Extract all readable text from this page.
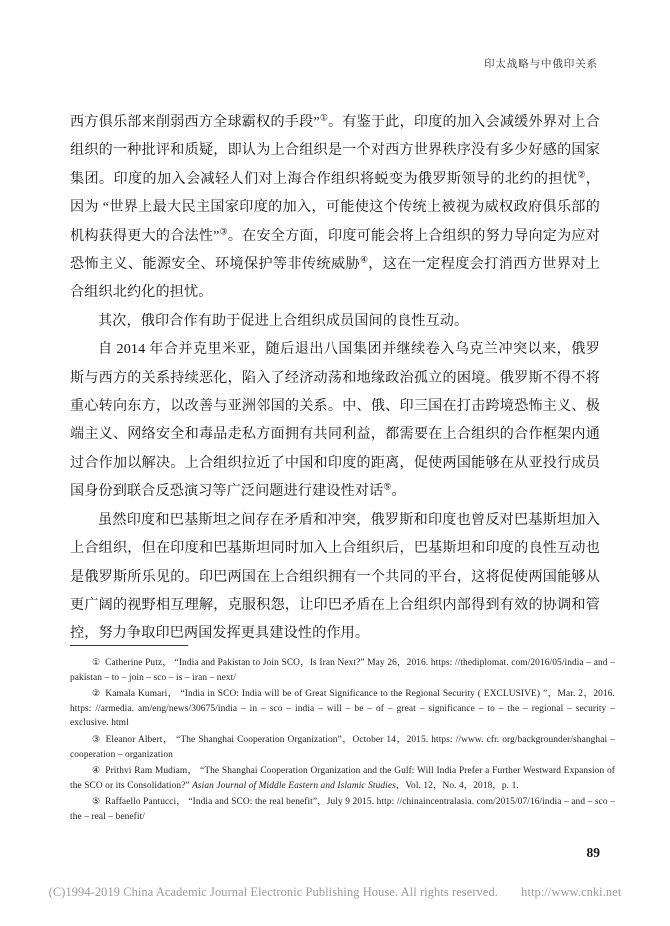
印太战略与中俄印关系

西方俱乐部来削弱西方全球霸权的手段”①。有鉴于此，印度的加入会减缓外界对上合组织的一种批评和质疑，即认为上合组织是一个对西方世界秩序没有多少好感的国家集团。印度的加入会减轻人们对上海合作组织将蜕变为俄罗斯领导的北约的担忧②，因为 “世界上最大民主国家印度的加入，可能使这个传统上被视为威权政府俱乐部的机构获得更大的合法性”③。在安全方面，印度可能会将上合组织的努力导向定为应对恐怖主义、能源安全、环境保护等非传统威胁④，这在一定程度会打消西方世界对上合组织北约化的担忧。

其次，俄印合作有助于促进上合组织成员国间的良性互动。

自 2014 年合并克里米亚，随后退出八国集团并继续卷入乌克兰冲突以来，俄罗斯与西方的关系持续恶化，陷入了经济动荡和地缘政治孤立的困境。俄罗斯不得不将重心转向东方，以改善与亚洲邻国的关系。中、俄、印三国在打击跨境恐怖主义、极端主义、网络安全和毒品走私方面拥有共同利益，都需要在上合组织的合作框架内通过合作加以解决。上合组织拉近了中国和印度的距离，促使两国能够在从亚投行成员国身份到联合反恐演习等广泛问题进行建设性对话⑤。

虽然印度和巴基斯坦之间存在矛盾和冲突，俄罗斯和印度也曾反对巴基斯坦加入上合组织，但在印度和巴基斯坦同时加入上合组织后，巴基斯坦和印度的良性互动也是俄罗斯所乐见的。印巴两国在上合组织拥有一个共同的平台，这将促使两国能够从更广阔的视野相互理解，克服积怨，让印巴矛盾在上合组织内部得到有效的协调和管控，努力争取印巴两国发挥更具建设性的作用。

① Catherine Putz， “India and Pakistan to Join SCO，Is Iran Next?” May 26，2016. https: //thediplomat. com/2016/05/india – and – pakistan – to – join – sco – is – iran – next/

② Kamala Kumari， “India in SCO: India will be of Great Significance to the Regional Security ( EXCLUSIVE) ”，Mar. 2，2016. https: //armedia. am/eng/news/30675/india – in – sco – india – will – be – of – great – significance – to – the – regional – security – exclusive. html

③ Eleanor Albert， “The Shanghai Cooperation Organization”，October 14，2015. https: //www. cfr. org/backgrounder/shanghai – cooperation – organization

④ Prithvi Ram Mudiam， “The Shanghai Cooperation Organization and the Gulf: Will India Prefer a Further Westward Expansion of the SCO or its Consolidation?” Asian Journal of Middle Eastern and Islamic Studies，Vol. 12，No. 4，2018，p. 1.

⑤ Raffaello Pantucci， “India and SCO: the real benefit”，July 9 2015. http: //chinaincentralasia. com/2015/07/16/india – and – sco – the – real – benefit/

89
(C)1994-2019 China Academic Journal Electronic Publishing House. All rights reserved. http://www.cnki.net
